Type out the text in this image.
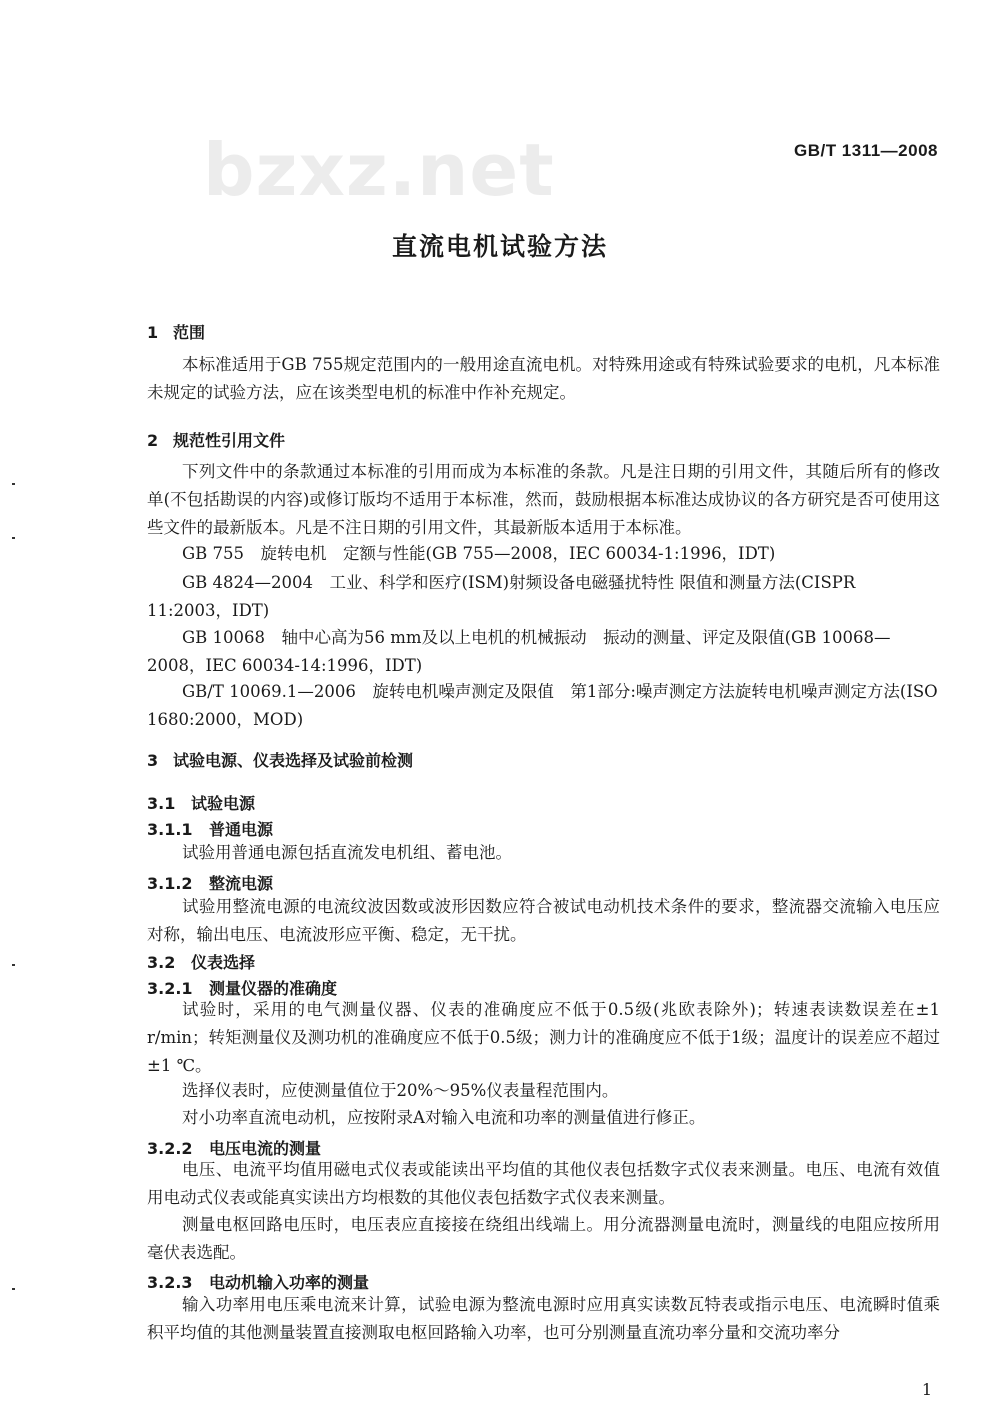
bzxz.net	GB/T 1311—2008
直流电机试验方法
1 范围

本标准适用于GB 755规定范围内的一般用途直流电机。对特殊用途或有特殊试验要求的电机，凡本标准未规定的试验方法，应在该类型电机的标准中作补充规定。

2 规范性引用文件

下列文件中的条款通过本标准的引用而成为本标准的条款。凡是注日期的引用文件，其随后所有的修改单(不包括勘误的内容)或修订版均不适用于本标准，然而，鼓励根据本标准达成协议的各方研究是否可使用这些文件的最新版本。凡是不注日期的引用文件，其最新版本适用于本标准。

GB 755　旋转电机　定额与性能(GB 755—2008，IEC 60034-1:1996，IDT)

GB 4824—2004　工业、科学和医疗(ISM)射频设备电磁骚扰特性 限值和测量方法(CISPR 11:2003，IDT)

GB 10068　轴中心高为56 mm及以上电机的机械振动　振动的测量、评定及限值(GB 10068—2008，IEC 60034-14:1996，IDT)

GB/T 10069.1—2006　旋转电机噪声测定及限值　第1部分:噪声测定方法旋转电机噪声测定方法(ISO 1680:2000，MOD)

3 试验电源、仪表选择及试验前检测
3.1 试验电源
3.1.1 普通电源

试验用普通电源包括直流发电机组、蓄电池。

3.1.2 整流电源

试验用整流电源的电流纹波因数或波形因数应符合被试电动机技术条件的要求，整流器交流输入电压应对称，输出电压、电流波形应平衡、稳定，无干扰。

3.2 仪表选择
3.2.1 测量仪器的准确度

试验时，采用的电气测量仪器、仪表的准确度应不低于0.5级(兆欧表除外)；转速表读数误差在±1 r/min；转矩测量仪及测功机的准确度应不低于0.5级；测力计的准确度应不低于1级；温度计的误差应不超过±1 ℃。

选择仪表时，应使测量值位于20%～95%仪表量程范围内。

对小功率直流电动机，应按附录A对输入电流和功率的测量值进行修正。

3.2.2 电压电流的测量

电压、电流平均值用磁电式仪表或能读出平均值的其他仪表包括数字式仪表来测量。电压、电流有效值用电动式仪表或能真实读出方均根数的其他仪表包括数字式仪表来测量。

测量电枢回路电压时，电压表应直接接在绕组出线端上。用分流器测量电流时，测量线的电阻应按所用毫伏表选配。

3.2.3 电动机输入功率的测量

输入功率用电压乘电流来计算，试验电源为整流电源时应用真实读数瓦特表或指示电压、电流瞬时值乘积平均值的其他测量装置直接测取电枢回路输入功率，也可分别测量直流功率分量和交流功率分

1
